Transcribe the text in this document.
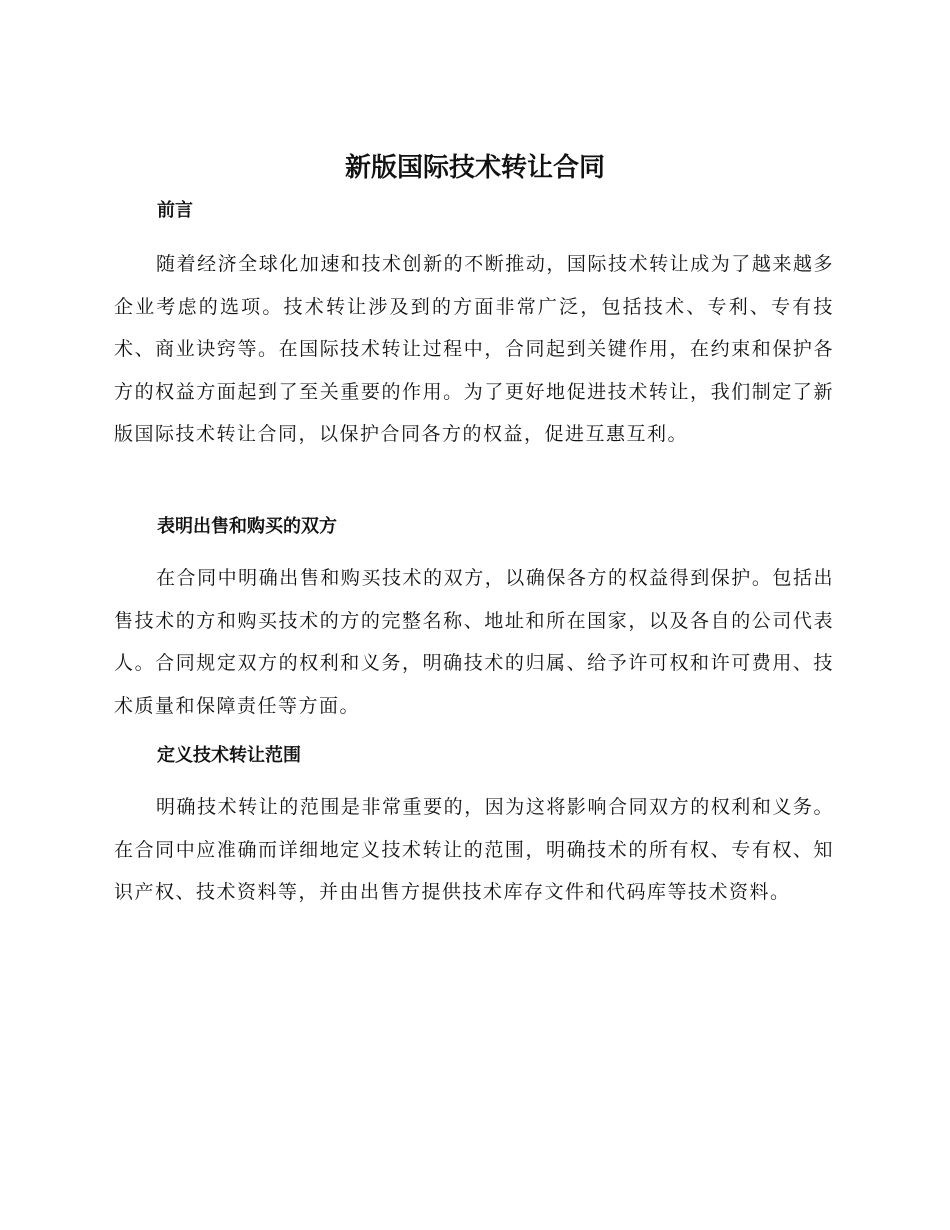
新版国际技术转让合同
前言

随着经济全球化加速和技术创新的不断推动，国际技术转让成为了越来越多企业考虑的选项。技术转让涉及到的方面非常广泛，包括技术、专利、专有技术、商业诀窍等。在国际技术转让过程中，合同起到关键作用，在约束和保护各方的权益方面起到了至关重要的作用。为了更好地促进技术转让，我们制定了新版国际技术转让合同，以保护合同各方的权益，促进互惠互利。

表明出售和购买的双方

在合同中明确出售和购买技术的双方，以确保各方的权益得到保护。包括出售技术的方和购买技术的方的完整名称、地址和所在国家，以及各自的公司代表人。合同规定双方的权利和义务，明确技术的归属、给予许可权和许可费用、技术质量和保障责任等方面。

定义技术转让范围

明确技术转让的范围是非常重要的，因为这将影响合同双方的权利和义务。在合同中应准确而详细地定义技术转让的范围，明确技术的所有权、专有权、知识产权、技术资料等，并由出售方提供技术库存文件和代码库等技术资料。
